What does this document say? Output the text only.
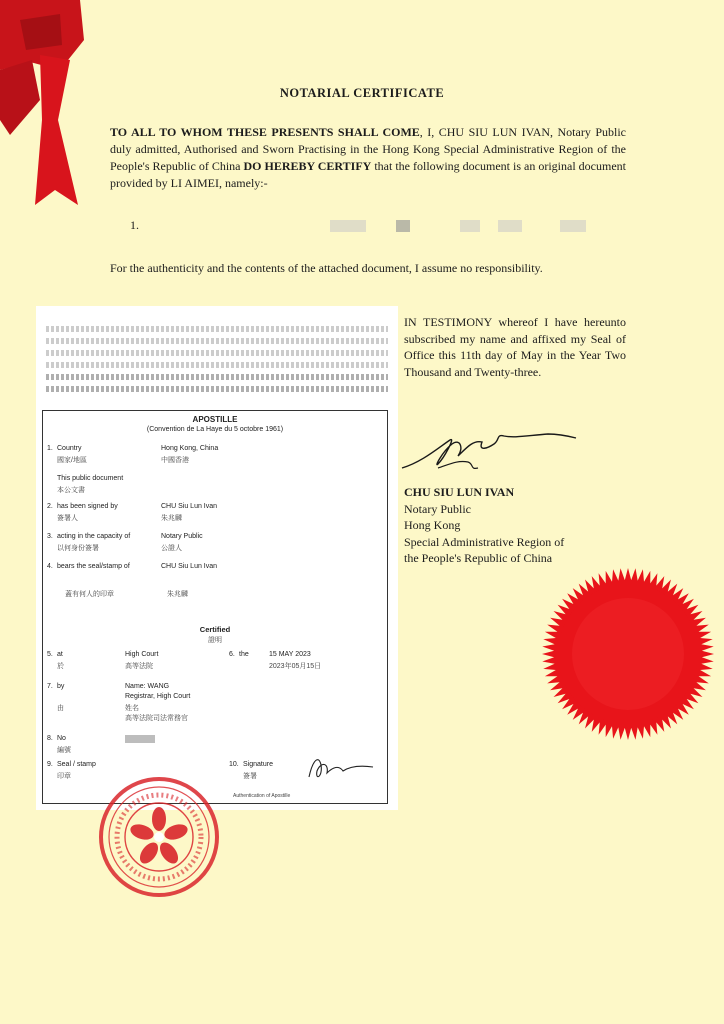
NOTARIAL CERTIFICATE
TO ALL TO WHOM THESE PRESENTS SHALL COME, I, CHU SIU LUN IVAN, Notary Public duly admitted, Authorised and Sworn Practising in the Hong Kong Special Administrative Region of the People's Republic of China DO HEREBY CERTIFY that the following document is an original document provided by LI AIMEI, namely:-
1.
For the authenticity and the contents of the attached document, I assume no responsibility.
APOSTILLE
(Convention de La Haye du 5 octobre 1961)
1. Country	Hong Kong, China
國家/地區	中國香港
This public document
本公文書
2. has been signed by	CHU Siu Lun Ivan
簽署人	朱兆麟
3. acting in the capacity of	Notary Public
以何身份簽署	公證人
4. bears the seal/stamp of	CHU Siu Lun Ivan
蓋有何人的印章	朱兆麟
Certified
證明
5. at	High Court	6. the	15 MAY 2023
於	高等法院	2023年05月15日
7. by	Name: WANG
Registrar, High Court
由	姓名
高等法院司法常務官
8. No
編號
9. Seal / stamp	10. Signature
印章	簽署
Authentication of Apostille
IN TESTIMONY whereof I have hereunto subscribed my name and affixed my Seal of Office this 11th day of May in the Year Two Thousand and Twenty-three.
CHU SIU LUN IVAN
Notary Public
Hong Kong
Special Administrative Region of
the People's Republic of China
